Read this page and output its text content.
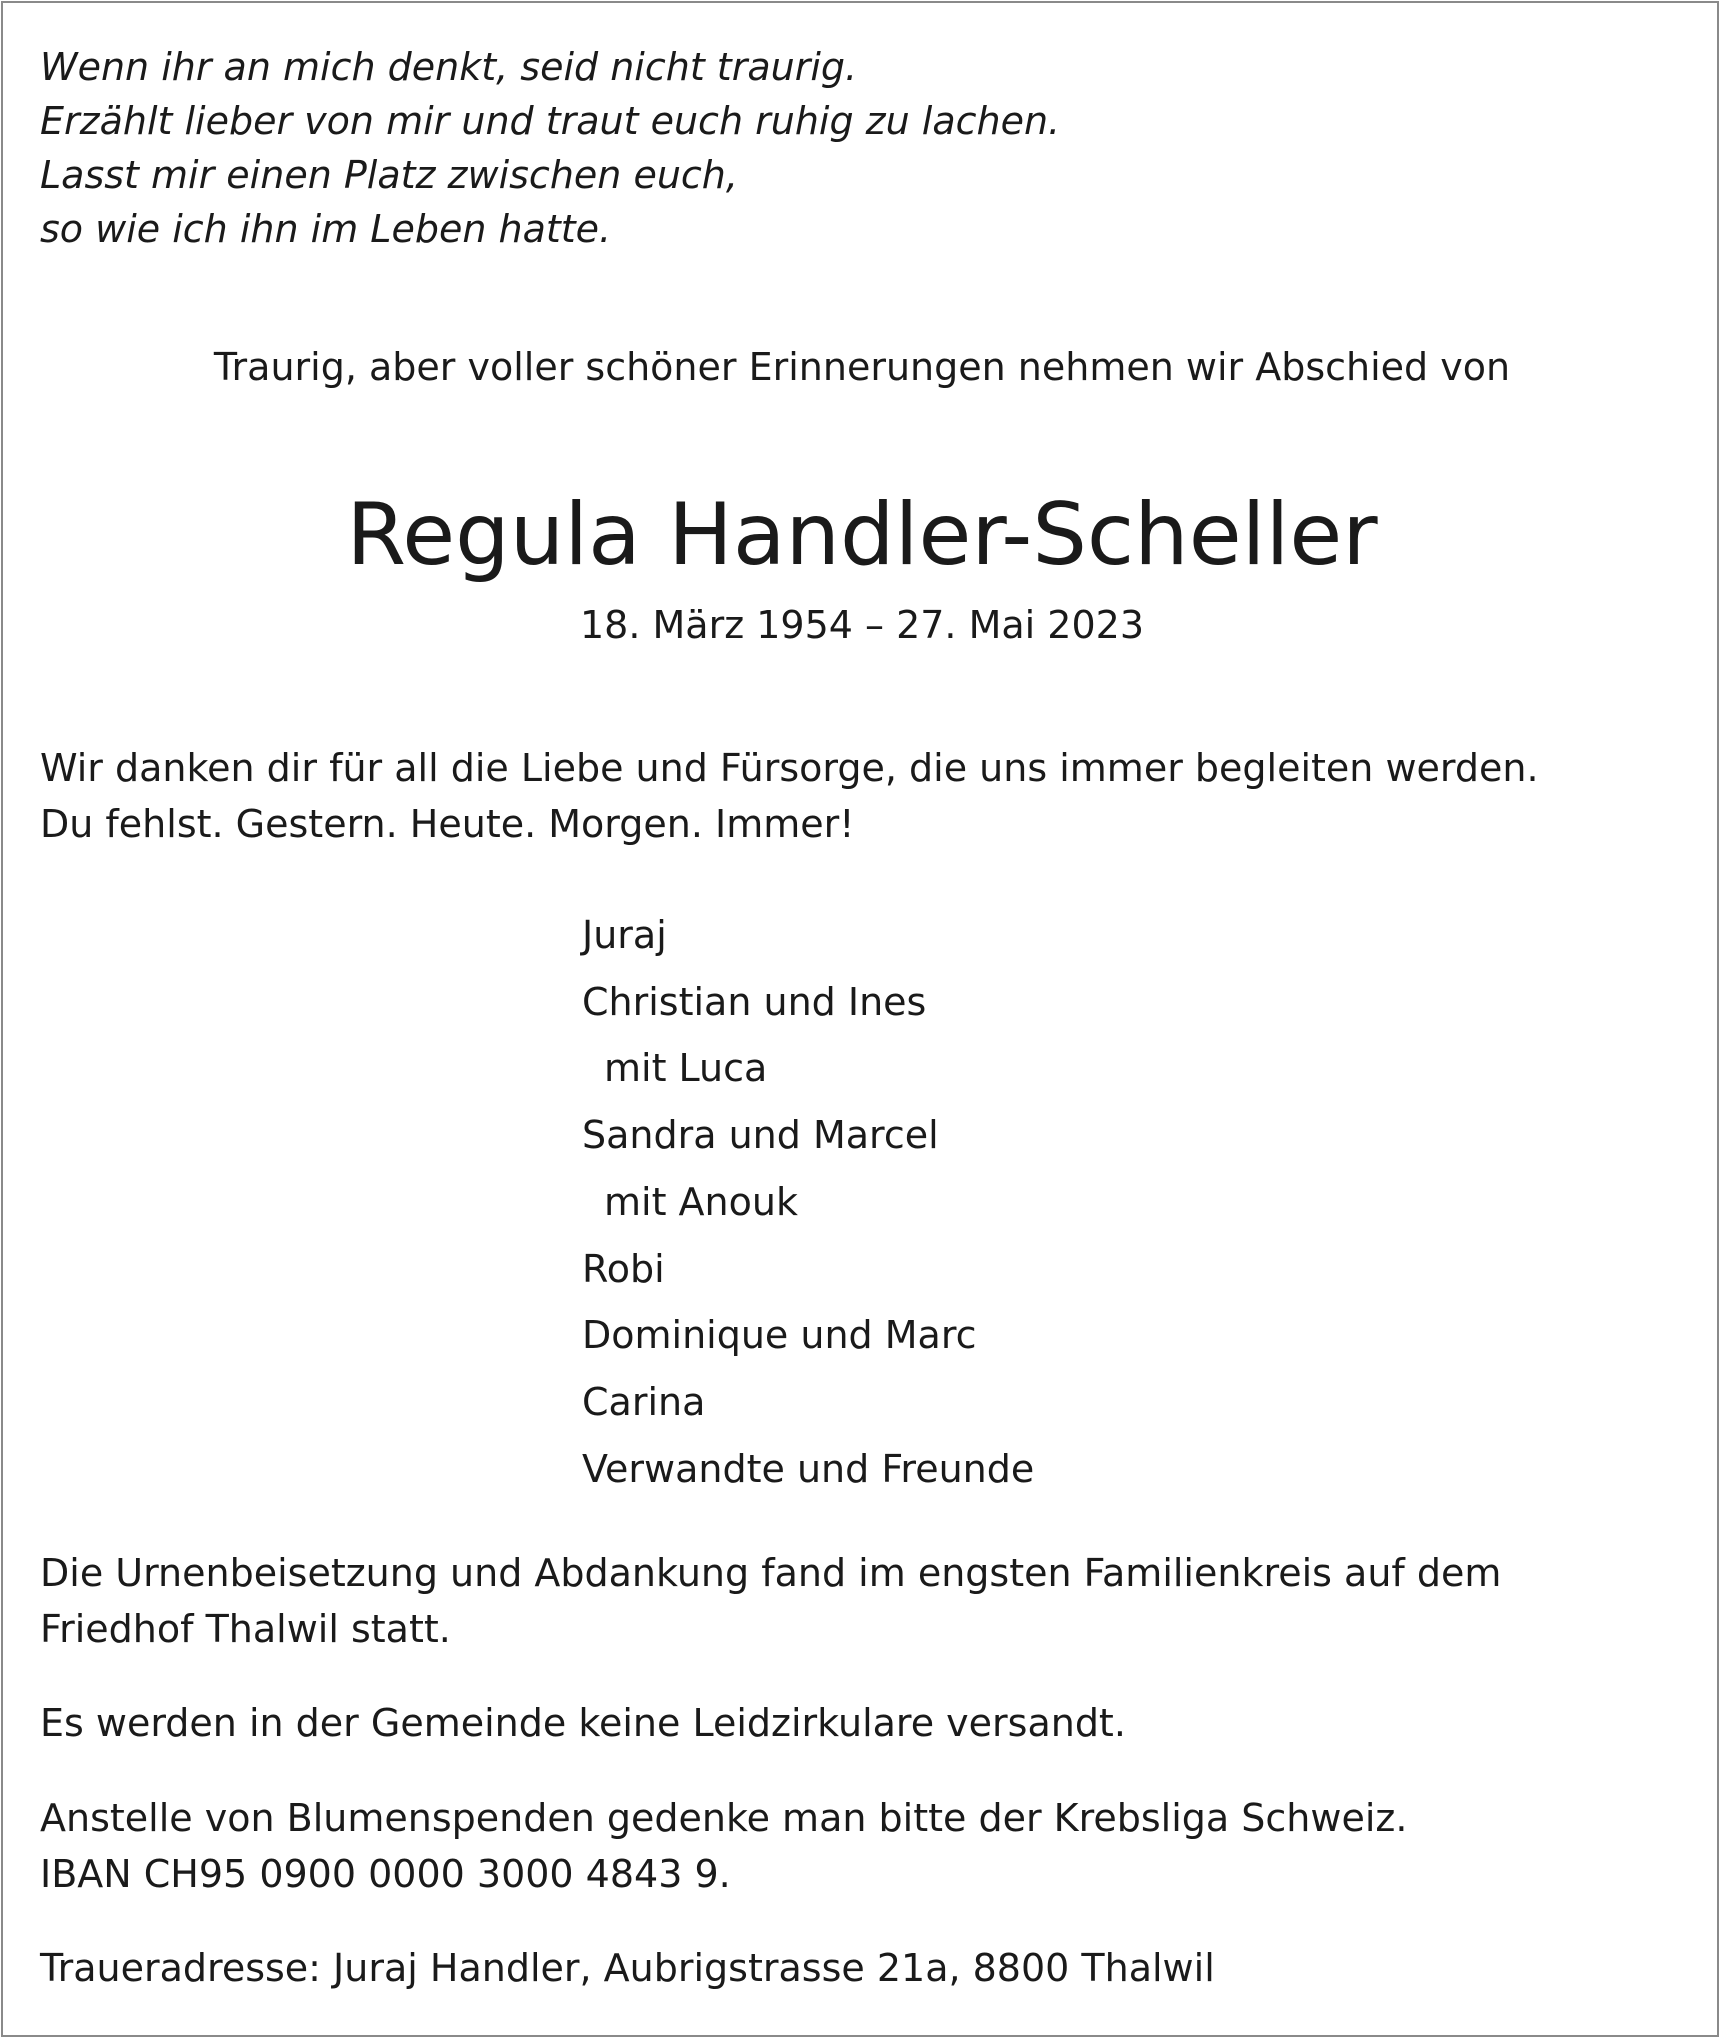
Wenn ihr an mich denkt, seid nicht traurig.
Erzählt lieber von mir und traut euch ruhig zu lachen.
Lasst mir einen Platz zwischen euch,
so wie ich ihn im Leben hatte.
Traurig, aber voller schöner Erinnerungen nehmen wir Abschied von
Regula Handler-Scheller
18. März 1954 – 27. Mai 2023
Wir danken dir für all die Liebe und Fürsorge, die uns immer begleiten werden.
Du fehlst. Gestern. Heute. Morgen. Immer!
Juraj
Christian und Ines
mit Luca
Sandra und Marcel
mit Anouk
Robi
Dominique und Marc
Carina
Verwandte und Freunde
Die Urnenbeisetzung und Abdankung fand im engsten Familienkreis auf dem
Friedhof Thalwil statt.
Es werden in der Gemeinde keine Leidzirkulare versandt.
Anstelle von Blumenspenden gedenke man bitte der Krebsliga Schweiz.
IBAN CH95 0900 0000 3000 4843 9.
Traueradresse: Juraj Handler, Aubrigstrasse 21a, 8800 Thalwil
